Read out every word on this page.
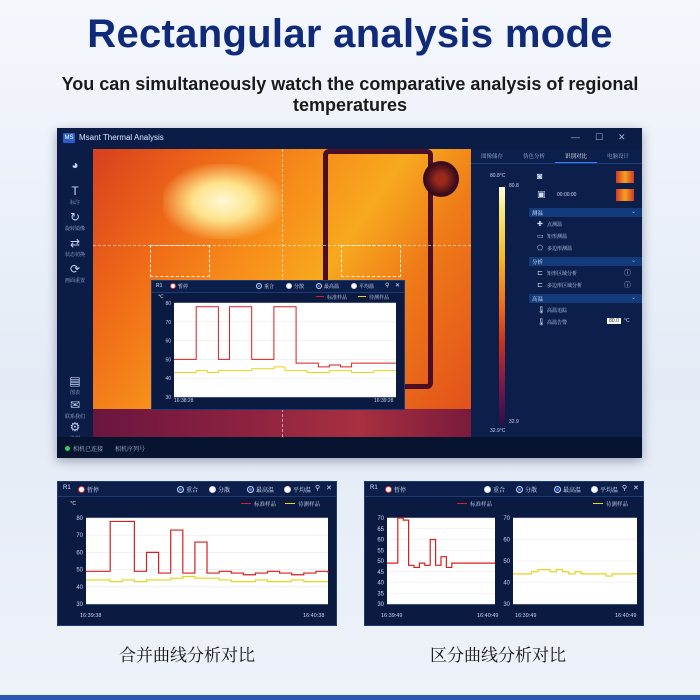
Rectangular analysis mode
You can simultaneously watch the comparative analysis of regional temperatures
MS Msant Thermal Analysis	— ☐ ✕
◕
T
标注
↻
旋转镜像
⇄
状态切换
⟳
画面重置
▤
图表
✉
联系我们
⚙
R1	暂停	重合	分散	最高温	平均温 ⚲ ✕
℃	标准样品	待测样品
30
40
50
60
70
80
16:38:28	16:39:28
图像储存	伪色分析	识别对比	电脑设计
80.8°C
80.8
32.9
32.9°C
◙
▣ 00:00:00
测温	⌄
✚ 点测温
▭ 矩形测温
⬠ 多边形测温
分析	⌄
⊏ 矩形区域分析
⊏ 多边形区域分析
ⓘ
ⓘ
高温	⌄
🌡高温追踪
🌡高温告警	80.0	°C
相机已连接 相机序列号
R1	暂停	重合	分散	最高温	平均温 ⚲ ✕
℃	标准样品	待测样品
30
40
50
60
70
80
16:39:38	16:40:38
R1	暂停	重合	分散	最高温	平均温 ⚲ ✕
标准样品	待测样品
30
35
40
45
50
55
60
65
70
30
40
50
60
70
16:39:49	16:40:49	16:39:49	16:40:49
合并曲线分析对比	区分曲线分析对比
